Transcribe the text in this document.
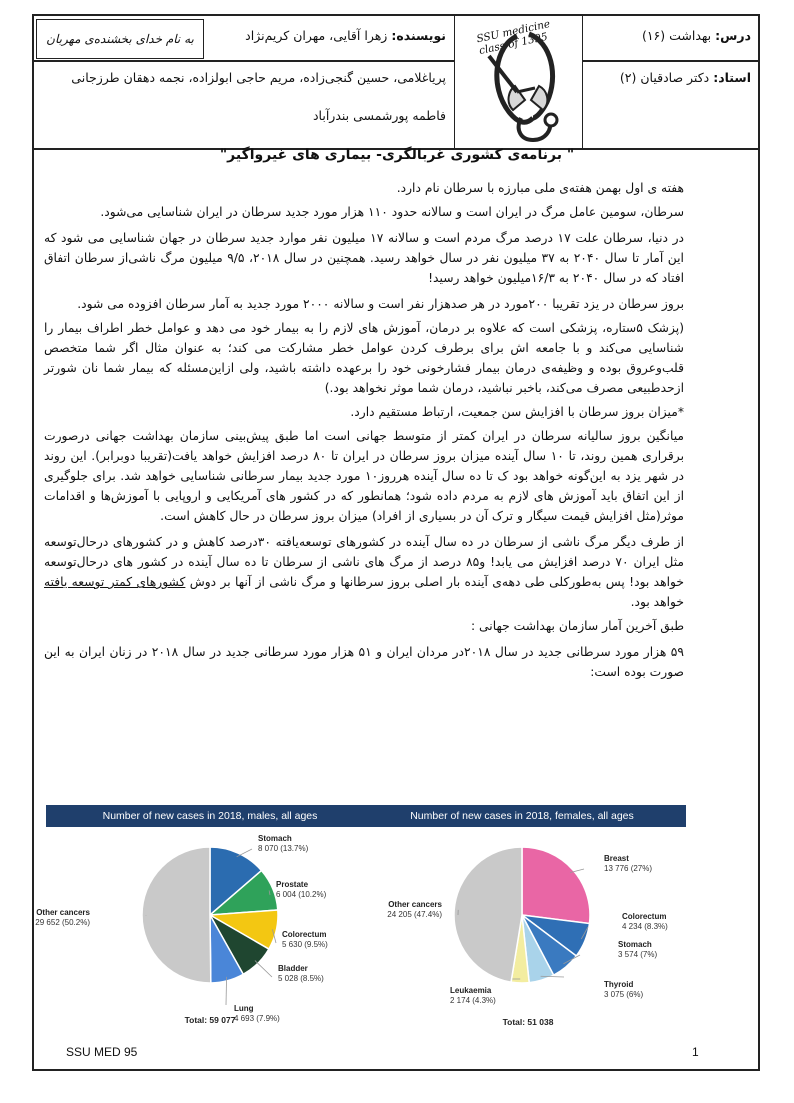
درس: بهداشت (۱۶)
استاد: دکتر صادقیان (۲)
SSU medicine class of 1395
به نام خدای بخشنده‌ی مهربان	نویسنده: زهرا آقایی، مهران کریم‌نژاد
پریاغلامی، حسین گنجی‌زاده، مریم حاجی ابولزاده، نجمه دهقان طرزجانی
فاطمه پورشمسی بندرآباد
" برنامه‌ی کشوری غربالگری- بیماری های غیرواگیر"

هفته ی اول بهمن هفته‌ی ملی مبارزه با سرطان نام دارد.

سرطان، سومین عامل مرگ در ایران است و سالانه حدود ۱۱۰ هزار مورد جدید سرطان در ایران شناسایی می‌شود.

در دنیا، سرطان علت ۱۷ درصد مرگ مردم است و سالانه ۱۷ میلیون نفر موارد جدید سرطان در جهان شناسایی می شود که این آمار تا سال ۲۰۴۰ به ۳۷ میلیون نفر در سال خواهد رسید. همچنین در سال ۲۰۱۸، ۹/۵ میلیون مرگ ناشی‌از سرطان اتفاق افتاد که در سال ۲۰۴۰ به ۱۶/۳میلیون خواهد رسید!

بروز سرطان در یزد تقریبا ۲۰۰مورد در هر صدهزار نفر است و سالانه ۲۰۰۰ مورد جدید به آمار سرطان افزوده می شود.

(پزشک ۵ستاره، پزشکی است که علاوه بر درمان، آموزش های لازم را به بیمار خود می دهد و عوامل خطر اطراف بیمار را شناسایی می‌کند و با جامعه اش برای برطرف کردن عوامل خطر مشارکت می کند؛ به عنوان مثال اگر شما متخصص قلب‌وعروق بوده و وظیفه‌ی درمان بیمار فشارخونی خود را برعهده داشته باشید، ولی ازاین‌مسئله که بیمار شما نان شورتر ازحدطبیعی مصرف می‌کند، باخبر نباشید، درمان شما موثر نخواهد بود.)

*میزان بروز سرطان با افزایش سن جمعیت، ارتباط مستقیم دارد.

میانگین بروز سالیانه سرطان در ایران کمتر از متوسط جهانی است اما طبق پیش‌بینی سازمان بهداشت جهانی درصورت برقراری همین روند، تا ۱۰ سال آینده میزان بروز سرطان در ایران تا ۸۰ درصد افزایش خواهد یافت(تقریبا دوبرابر). این روند در شهر یزد به این‌گونه خواهد بود ک تا ده سال آینده هرروز۱۰ مورد جدید بیمار سرطانی شناسایی خواهد شد. برای جلوگیری از این اتفاق باید آموزش های لازم به مردم داده شود؛ همانطور که در کشور های آمریکایی و اروپایی با آموزش‌ها و اقدامات موثر(مثل افزایش قیمت سیگار و ترک آن در بسیاری از افراد) میزان بروز سرطان در حال کاهش است.

از طرف دیگر مرگ ناشی از سرطان در ده سال آینده در کشورهای توسعه‌یافته ۳۰درصد کاهش و در کشورهای درحال‌توسعه مثل ایران ۷۰ درصد افزایش می یابد! و۸۵ درصد از مرگ های ناشی از سرطان تا ده سال آینده در کشور های درحال‌توسعه خواهد بود! پس به‌طورکلی طی دهه‌ی آینده بار اصلی بروز سرطانها و مرگ ناشی از آنها بر دوش کشورهای کمتر توسعه یافته خواهد بود.

طبق آخرین آمار سازمان بهداشت جهانی :

۵۹ هزار مورد سرطانی جدید در سال ۲۰۱۸در مردان ایران و ۵۱ هزار مورد سرطانی جدید در سال ۲۰۱۸ در زنان ایران به این صورت بوده است:

Number of new cases in 2018, males, all ages
Stomach
8 070 (13.7%)
Prostate
6 004 (10.2%)
Colorectum
5 630 (9.5%)
Bladder
5 028 (8.5%)
Lung
4 693 (7.9%)
Other cancers
29 652 (50.2%)
Total: 59 077
Number of new cases in 2018, females, all ages
Breast
13 776 (27%)
Colorectum
4 234 (8.3%)
Stomach
3 574 (7%)
Thyroid
3 075 (6%)
Leukaemia
2 174 (4.3%)
Other cancers
24 205 (47.4%)
Total: 51 038
SSU MED 95	1
